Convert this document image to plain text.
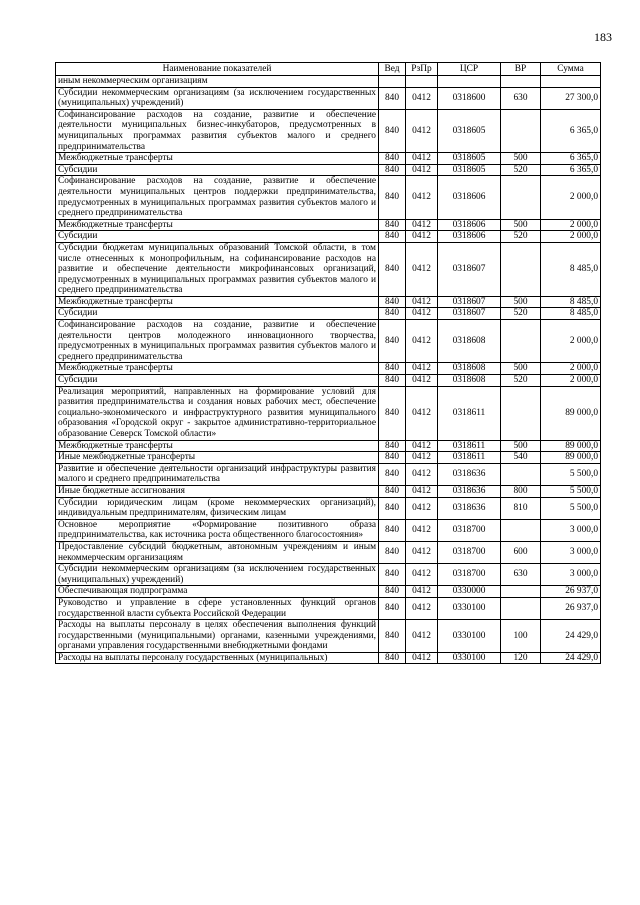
183
Наименование показателей	Вед	РзПр	ЦСР	ВР	Сумма
иным некоммерческим организациям					
Субсидии некоммерческим организациям (за исключением государственных (муниципальных) учреждений)	840	0412	0318600	630	27 300,0
Софинансирование расходов на создание, развитие и обеспечение деятельности муниципальных бизнес-инкубаторов, предусмотренных в муниципальных программах развития субъектов малого и среднего предпринимательства	840	0412	0318605		6 365,0
Межбюджетные трансферты	840	0412	0318605	500	6 365,0
Субсидии	840	0412	0318605	520	6 365,0
Софинансирование расходов на создание, развитие и обеспечение деятельности муниципальных центров поддержки предпринимательства, предусмотренных в муниципальных программах развития субъектов малого и среднего предпринимательства	840	0412	0318606		2 000,0
Межбюджетные трансферты	840	0412	0318606	500	2 000,0
Субсидии	840	0412	0318606	520	2 000,0
Субсидии бюджетам муниципальных образований Томской области, в том числе отнесенных к монопрофильным, на софинансирование расходов на развитие и обеспечение деятельности микрофинансовых организаций, предусмотренных в муниципальных программах развития субъектов малого и среднего предпринимательства	840	0412	0318607		8 485,0
Межбюджетные трансферты	840	0412	0318607	500	8 485,0
Субсидии	840	0412	0318607	520	8 485,0
Софинансирование расходов на создание, развитие и обеспечение деятельности центров молодежного инновационного творчества, предусмотренных в муниципальных программах развития субъектов малого и среднего предпринимательства	840	0412	0318608		2 000,0
Межбюджетные трансферты	840	0412	0318608	500	2 000,0
Субсидии	840	0412	0318608	520	2 000,0
Реализация мероприятий, направленных на формирование условий для развития предпринимательства и создания новых рабочих мест, обеспечение социально-экономического и инфраструктурного развития муниципального образования «Городской округ - закрытое административно-территориальное образование Северск Томской области»	840	0412	0318611		89 000,0
Межбюджетные трансферты	840	0412	0318611	500	89 000,0
Иные межбюджетные трансферты	840	0412	0318611	540	89 000,0
Развитие и обеспечение деятельности организаций инфраструктуры развития малого и среднего предпринимательства	840	0412	0318636		5 500,0
Иные бюджетные ассигнования	840	0412	0318636	800	5 500,0
Субсидии юридическим лицам (кроме некоммерческих организаций), индивидуальным предпринимателям, физическим лицам	840	0412	0318636	810	5 500,0
Основное мероприятие «Формирование позитивного образа предпринимательства, как источника роста общественного благосостояния»	840	0412	0318700		3 000,0
Предоставление субсидий бюджетным, автономным учреждениям и иным некоммерческим организациям	840	0412	0318700	600	3 000,0
Субсидии некоммерческим организациям (за исключением государственных (муниципальных) учреждений)	840	0412	0318700	630	3 000,0
Обеспечивающая подпрограмма	840	0412	0330000		26 937,0
Руководство и управление в сфере установленных функций органов государственной власти субъекта Российской Федерации	840	0412	0330100		26 937,0
Расходы на выплаты персоналу в целях обеспечения выполнения функций государственными (муниципальными) органами, казенными учреждениями, органами управления государственными внебюджетными фондами	840	0412	0330100	100	24 429,0
Расходы на выплаты персоналу государственных (муниципальных)	840	0412	0330100	120	24 429,0
